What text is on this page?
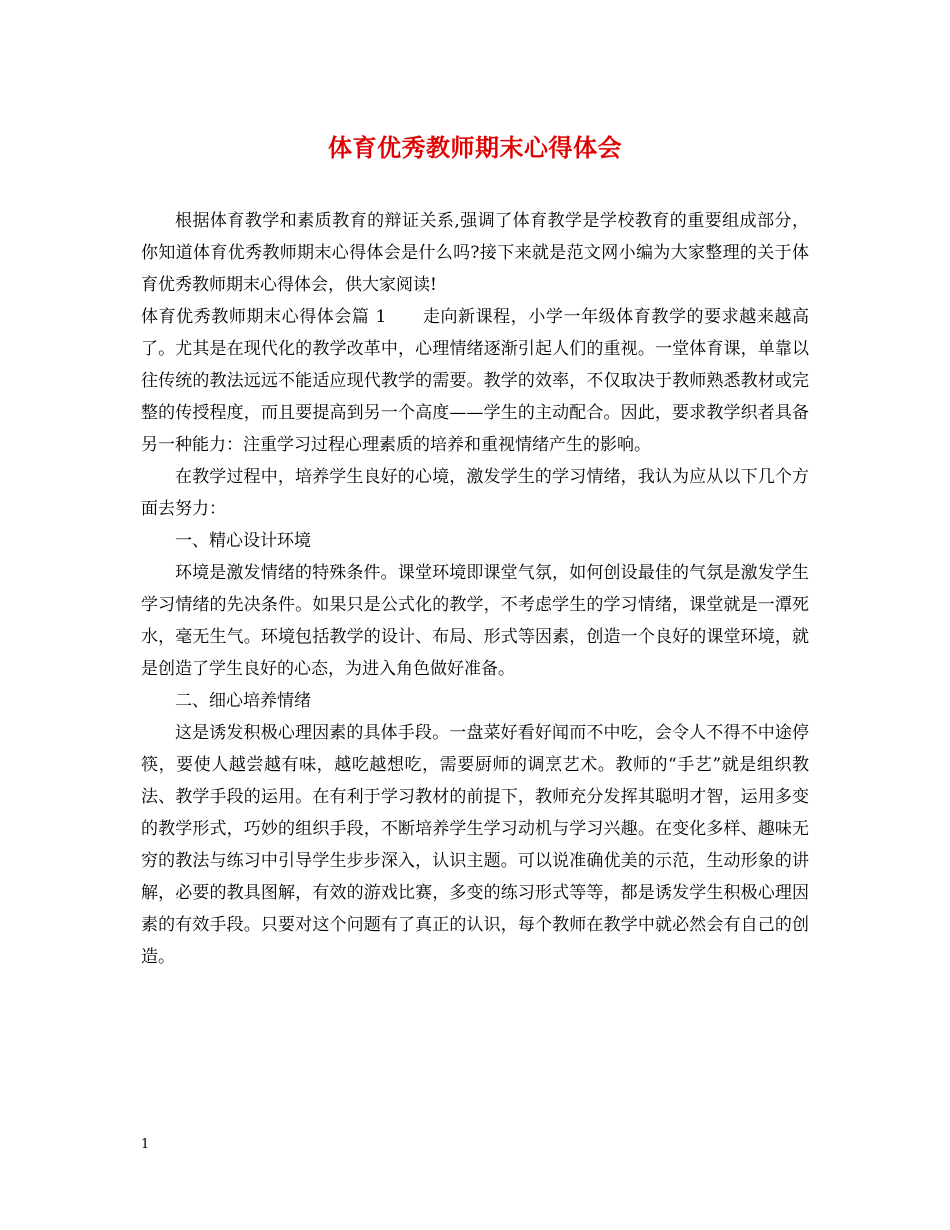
体育优秀教师期末心得体会

根据体育教学和素质教育的辩证关系,强调了体育教学是学校教育的重要组成部分，你知道体育优秀教师期末心得体会是什么吗?接下来就是范文网小编为大家整理的关于体育优秀教师期末心得体会，供大家阅读!

体育优秀教师期末心得体会篇 1 走向新课程，小学一年级体育教学的要求越来越高了。尤其是在现代化的教学改革中，心理情绪逐渐引起人们的重视。一堂体育课，单靠以往传统的教法远远不能适应现代教学的需要。教学的效率，不仅取决于教师熟悉教材或完整的传授程度，而且要提高到另一个高度——学生的主动配合。因此，要求教学织者具备另一种能力：注重学习过程心理素质的培养和重视情绪产生的影响。

在教学过程中，培养学生良好的心境，激发学生的学习情绪，我认为应从以下几个方面去努力：

一、精心设计环境

环境是激发情绪的特殊条件。课堂环境即课堂气氛，如何创设最佳的气氛是激发学生学习情绪的先决条件。如果只是公式化的教学，不考虑学生的学习情绪，课堂就是一潭死水，毫无生气。环境包括教学的设计、布局、形式等因素，创造一个良好的课堂环境，就是创造了学生良好的心态，为进入角色做好准备。

二、细心培养情绪

这是诱发积极心理因素的具体手段。一盘菜好看好闻而不中吃，会令人不得不中途停筷，要使人越尝越有味，越吃越想吃，需要厨师的调烹艺术。教师的“手艺”就是组织教法、教学手段的运用。在有利于学习教材的前提下，教师充分发挥其聪明才智，运用多变的教学形式，巧妙的组织手段，不断培养学生学习动机与学习兴趣。在变化多样、趣味无穷的教法与练习中引导学生步步深入，认识主题。可以说准确优美的示范，生动形象的讲解，必要的教具图解，有效的游戏比赛，多变的练习形式等等，都是诱发学生积极心理因素的有效手段。只要对这个问题有了真正的认识，每个教师在教学中就必然会有自己的创造。

1
